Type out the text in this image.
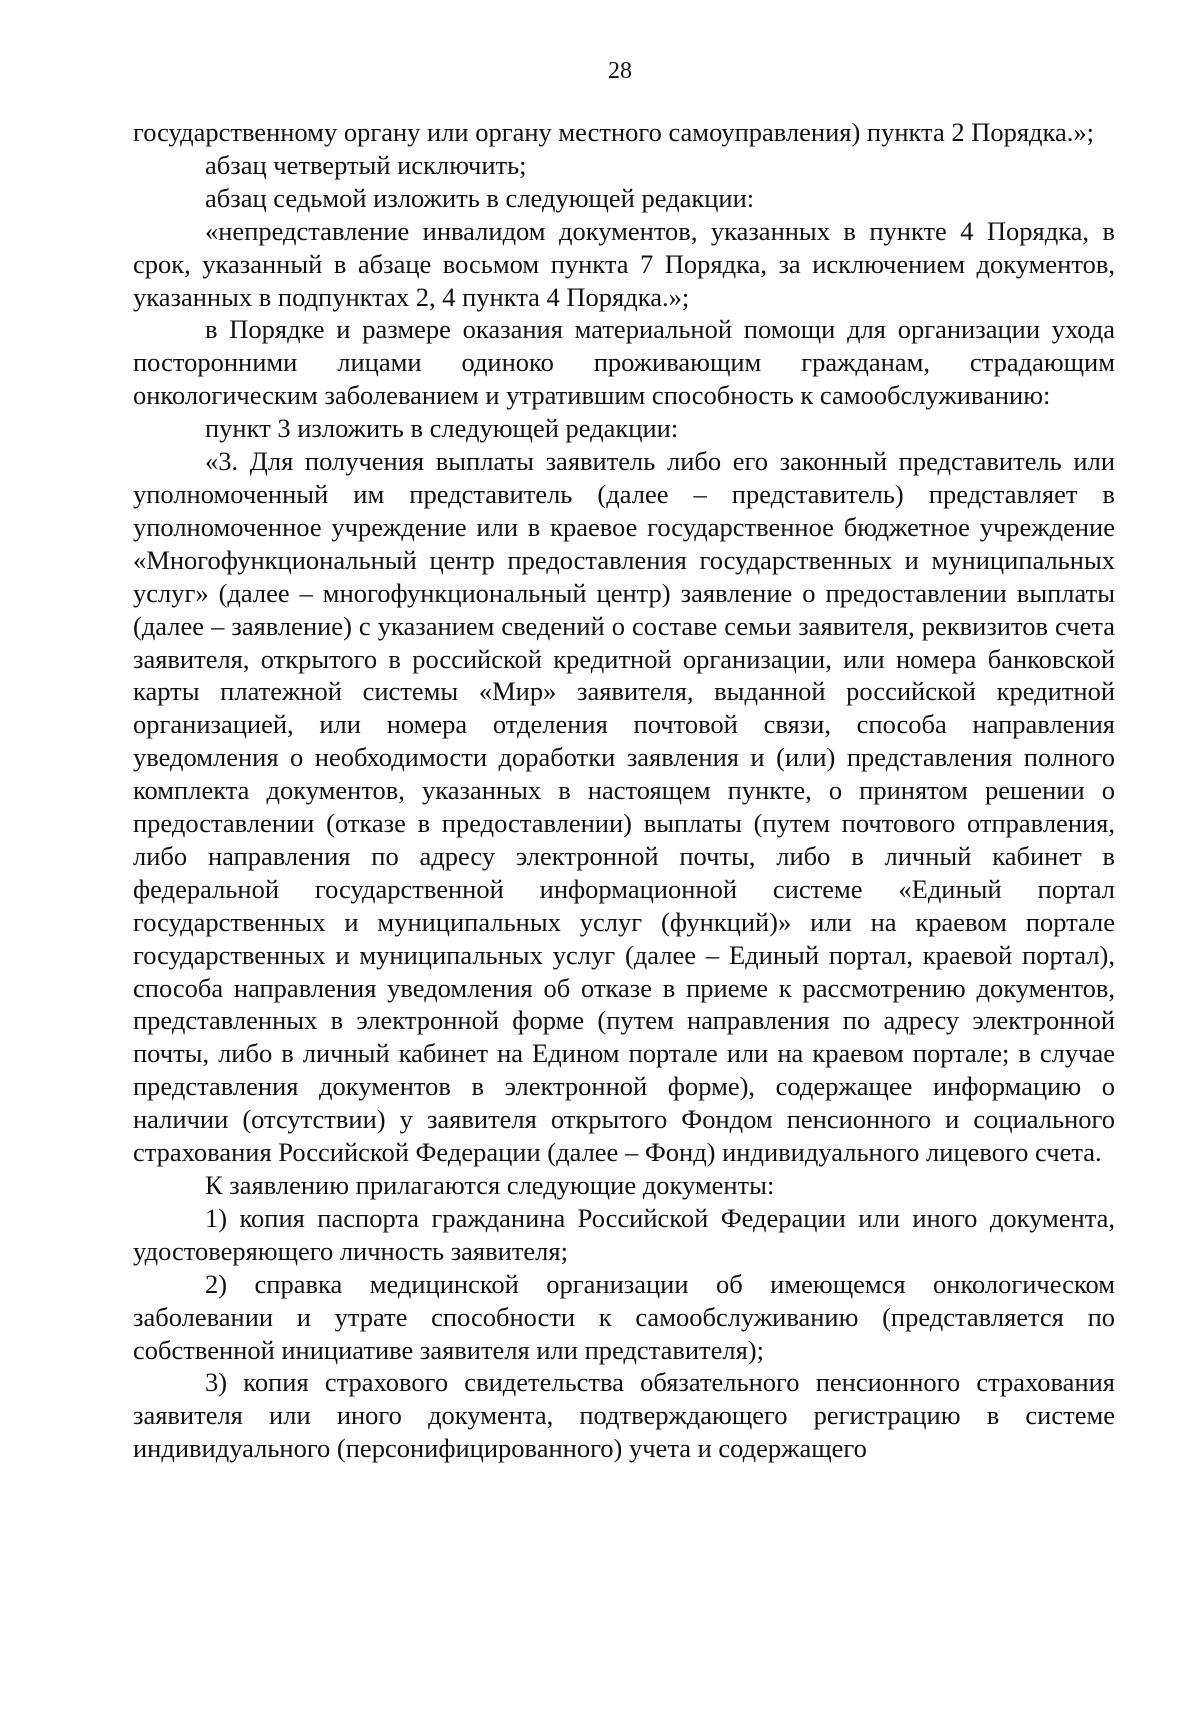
28

государственному органу или органу местного самоуправления) пункта 2 Порядка.»;

абзац четвертый исключить;

абзац седьмой изложить в следующей редакции:

«непредставление инвалидом документов, указанных в пункте 4 Порядка, в срок, указанный в абзаце восьмом пункта 7 Порядка, за исключением документов, указанных в подпунктах 2, 4 пункта 4 Порядка.»;

в Порядке и размере оказания материальной помощи для организации ухода посторонними лицами одиноко проживающим гражданам, страдающим онкологическим заболеванием и утратившим способность к самообслуживанию:

пункт 3 изложить в следующей редакции:

«3. Для получения выплаты заявитель либо его законный представитель или уполномоченный им представитель (далее – представитель) представляет в уполномоченное учреждение или в краевое государственное бюджетное учреждение «Многофункциональный центр предоставления государственных и муниципальных услуг» (далее – многофункциональный центр) заявление о предоставлении выплаты (далее – заявление) с указанием сведений о составе семьи заявителя, реквизитов счета заявителя, открытого в российской кредитной организации, или номера банковской карты платежной системы «Мир» заявителя, выданной российской кредитной организацией, или номера отделения почтовой связи, способа направления уведомления о необходимости доработки заявления и (или) представления полного комплекта документов, указанных в настоящем пункте, о принятом решении о предоставлении (отказе в предоставлении) выплаты (путем почтового отправления, либо направления по адресу электронной почты, либо в личный кабинет в федеральной государственной информационной системе «Единый портал государственных и муниципальных услуг (функций)» или на краевом портале государственных и муниципальных услуг (далее – Единый портал, краевой портал), способа направления уведомления об отказе в приеме к рассмотрению документов, представленных в электронной форме (путем направления по адресу электронной почты, либо в личный кабинет на Едином портале или на краевом портале; в случае представления документов в электронной форме), содержащее информацию о наличии (отсутствии) у заявителя открытого Фондом пенсионного и социального страхования Российской Федерации (далее – Фонд) индивидуального лицевого счета.

К заявлению прилагаются следующие документы:

1) копия паспорта гражданина Российской Федерации или иного документа, удостоверяющего личность заявителя;

2) справка медицинской организации об имеющемся онкологическом заболевании и утрате способности к самообслуживанию (представляется по собственной инициативе заявителя или представителя);

3) копия страхового свидетельства обязательного пенсионного страхования заявителя или иного документа, подтверждающего регистрацию в системе индивидуального (персонифицированного) учета и содержащего
